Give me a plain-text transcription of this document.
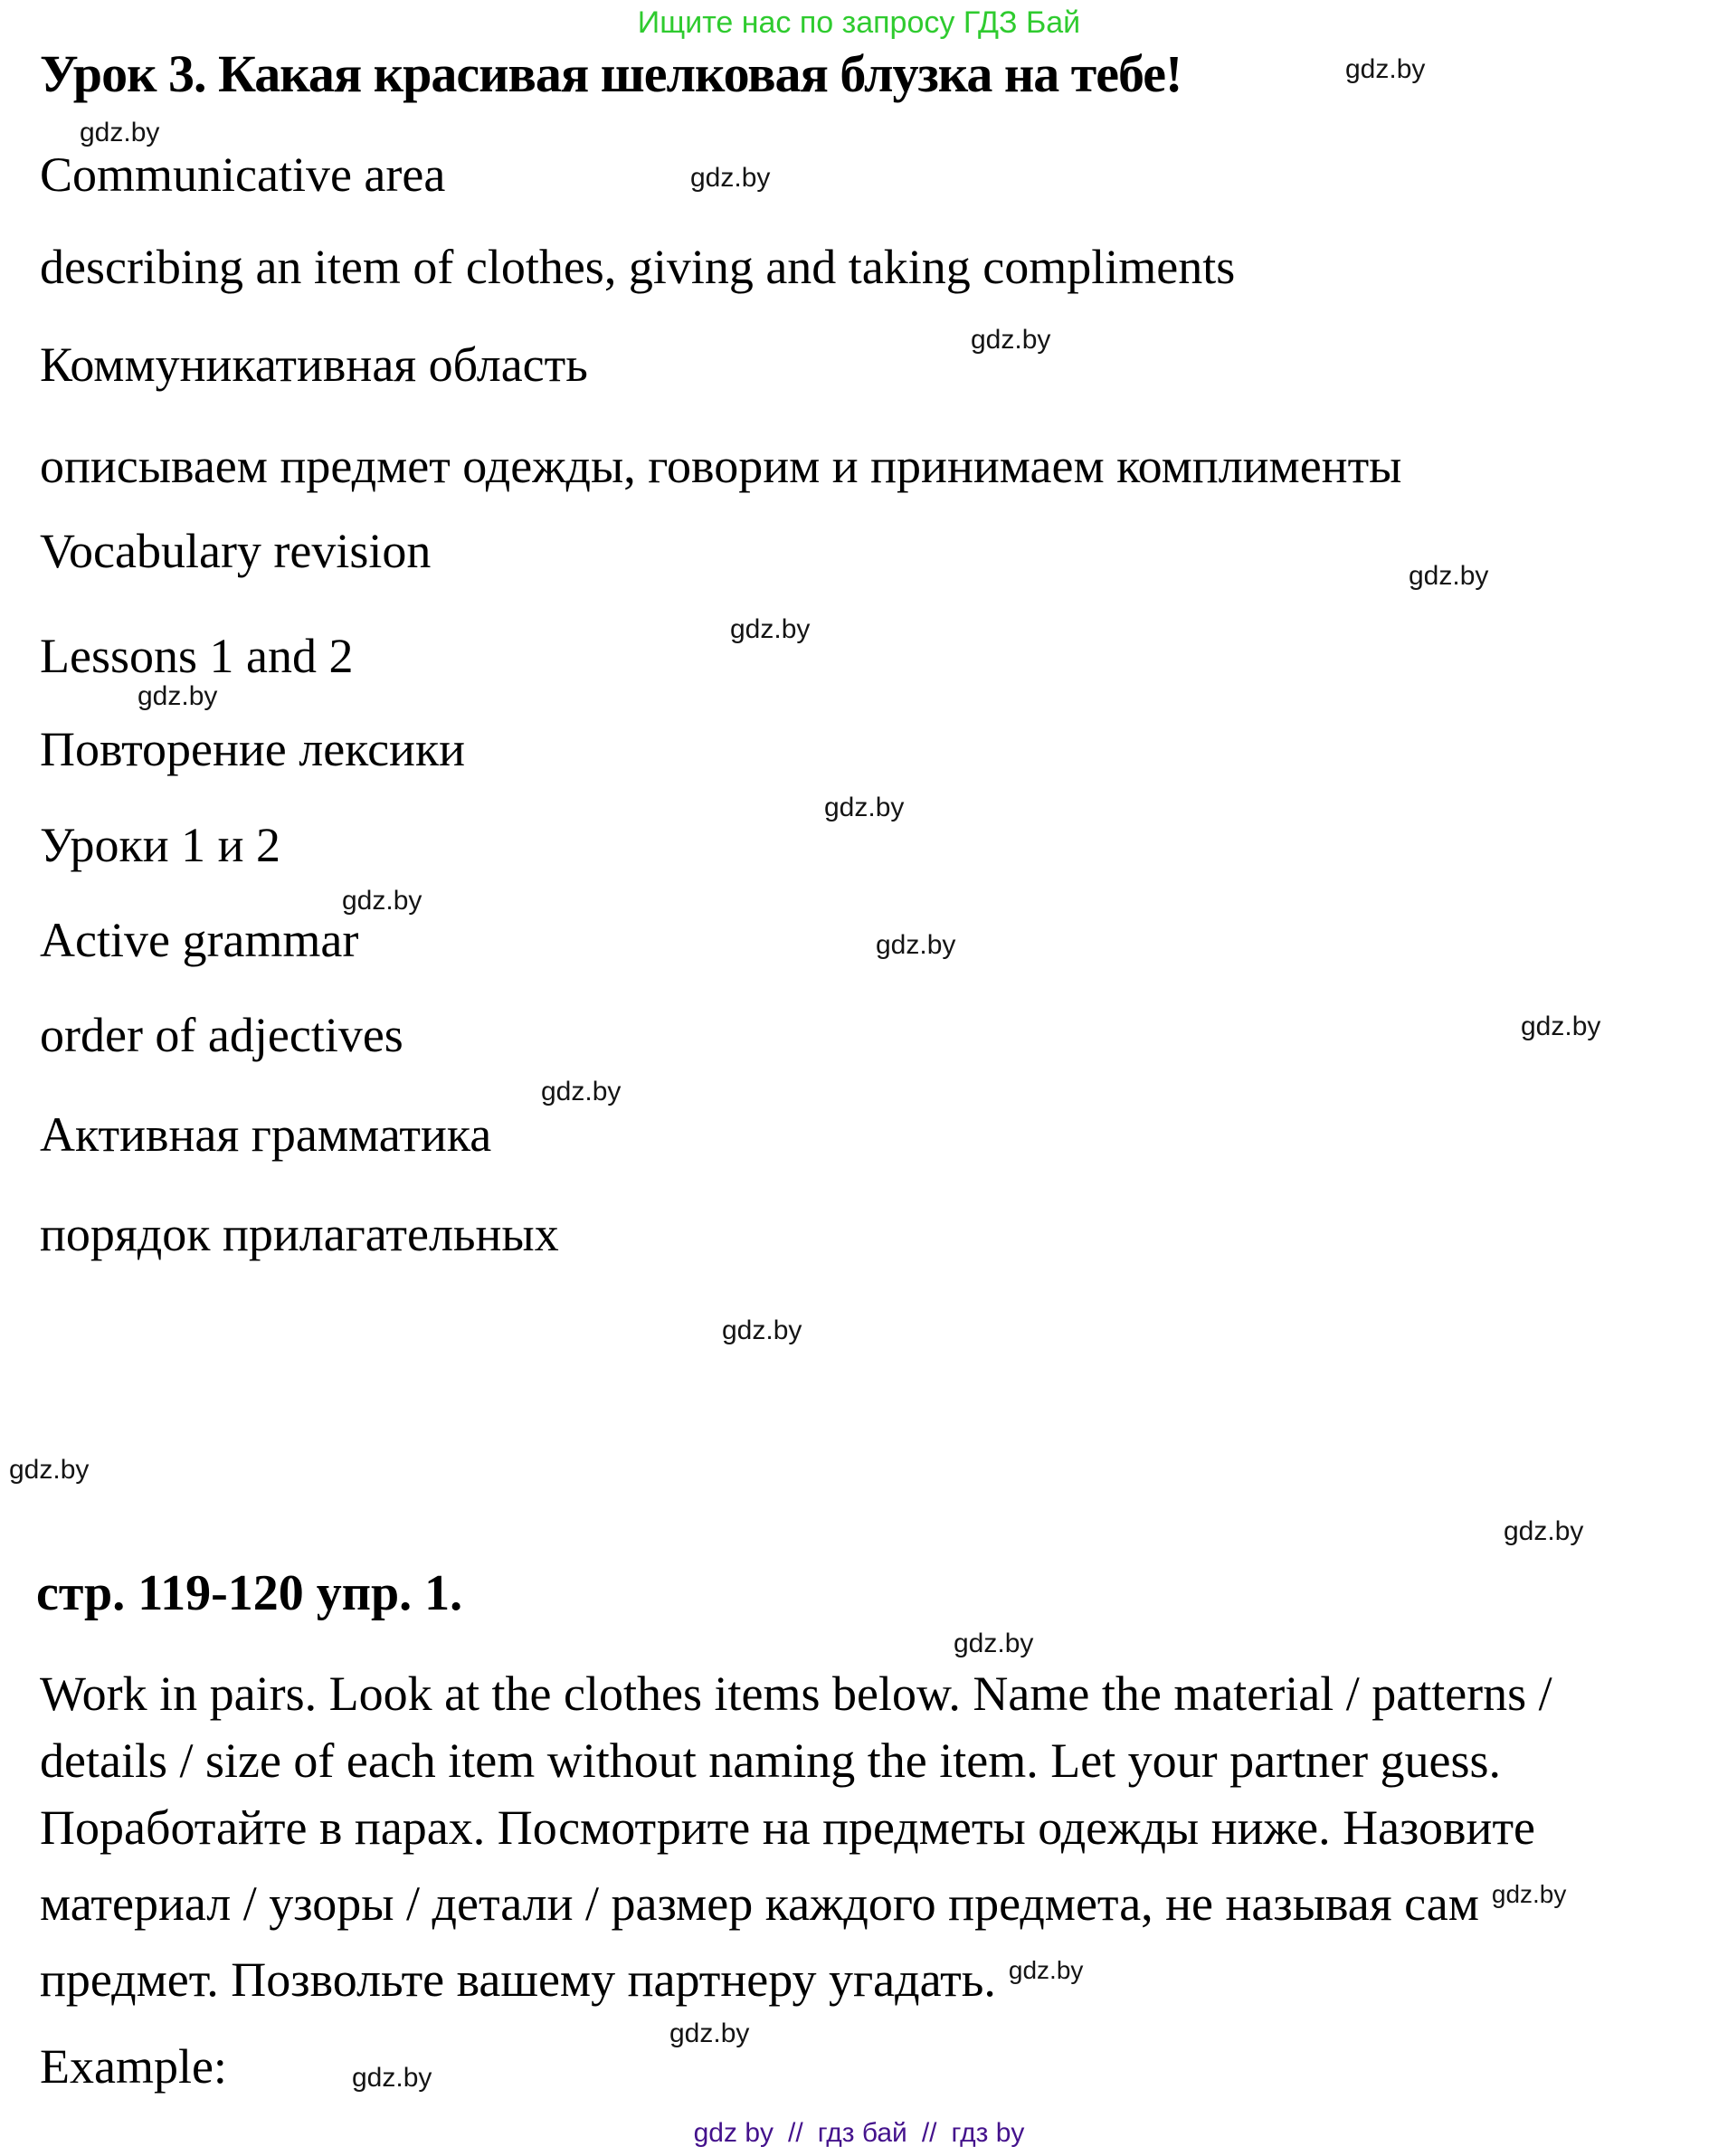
Ищите нас по запросу ГДЗ Бай
Урок 3. Какая красивая шелковая блузка на тебе!
Communicative area
describing an item of clothes, giving and taking compliments
Коммуникативная область
описываем предмет одежды, говорим и принимаем комплименты
Vocabulary revision
Lessons 1 and 2
Повторение лексики
Уроки 1 и 2
Active grammar
order of adjectives
Активная грамматика
порядок прилагательных
gdz.by
gdz.by
gdz.by
gdz.by
gdz.by
gdz.by
gdz.by
gdz.by
gdz.by
gdz.by
gdz.by
gdz.by
gdz.by
gdz.by
gdz.by
gdz.by
gdz.by
gdz.by
стр. 119-120 упр. 1.
Work in pairs. Look at the clothes items below. Name the material / patterns /
details / size of each item without naming the item. Let your partner guess.
Поработайте в парах. Посмотрите на предметы одежды ниже. Назовите
материал / узоры / детали / размер каждого предмета, не называя сам $^{gdz.by}$
предмет. Позвольте вашему партнеру угадать. $^{gdz.by}$
Example:
gdz by // гдз бай // гдз by
